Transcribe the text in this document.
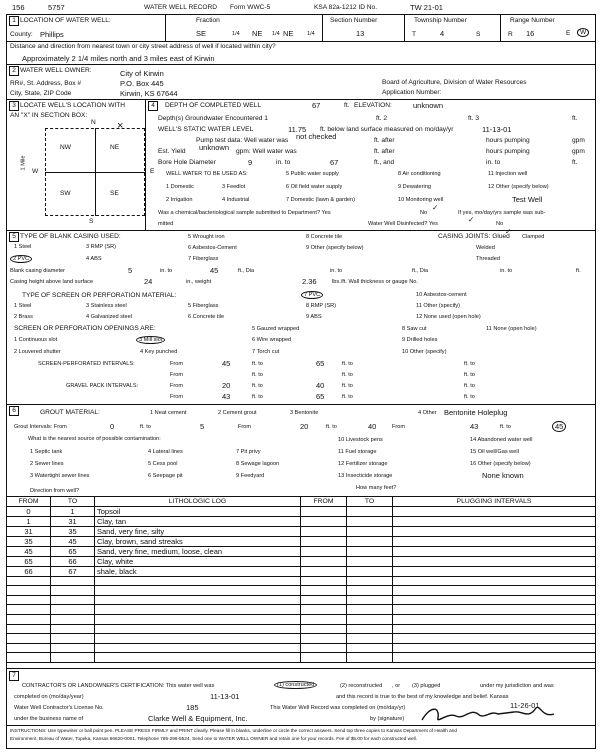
156	5757	WATER WELL RECORD Form WWC-5	KSA 82a-1212 ID No.	TW 21-01
1 LOCATION OF WATER WELL:	Fraction	Section Number	Township Number	Range Number
County: Phillips	SE	1/4 NE 1/4 NE 1/4	13	T	4	S	R 16	E	W
Distance and direction from nearest town or city street address of well if located within city?
Approximately 2 1/4 miles north and 3 miles east of Kirwin
2 WATER WELL OWNER:	City of Kirwin
RR#, St. Address, Box #	P.O. Box 445
City, State, ZIP Code	Kirwin, KS 67644
Board of Agriculture, Division of Water Resources
Application Number:
3 LOCATE WELL'S LOCATION WITH
AN "X" IN SECTION BOX:
N
S
W	E
1 Mile
NW	NE
SW	SE
×
4	DEPTH OF COMPLETED WELL	67	ft. ELEVATION:	unknown
Depth(s) Groundwater Encountered 1	ft. 2	ft. 3	ft.
WELL'S STATIC WATER LEVEL	11.75 ft. below land surface measured on mo/day/yr	11-13-01
Pump test data: Well water was not checked	ft. after	hours pumping	gpm
Est. Yield unknown gpm: Well water was	ft. after	hours pumping	gpm
Bore Hole Diameter	9	in. to	67	ft., and	in. to	ft.
WELL WATER TO BE USED AS:
1 Domestic
2 Irrigation
3 Feedlot
4 Industrial
5 Public water supply
6 Oil field water supply
7 Domestic (lawn & garden)
8 Air conditioning
9 Dewatering
10 Monitoring well
11 Injection well
12 Other (specify below)
Test Well
Was a chemical/bacteriological sample submitted to Department? Yes	No
✓
If yes, mo/day/yrs sample was sub-
mitted	Water Well Disinfected? Yes	✓	No
5 TYPE OF BLANK CASING USED:
1 Steel
2 PVC
3 RMP (SR)
4 ABS
5 Wrought iron
6 Asbestos-Cement
7 Fiberglass
8 Concrete tile
9 Other (specify below)
CASING JOINTS: Glued
✓
Clamped
Welded
Threaded
Blank casing diameter	5	in. to	45	ft., Dia	in. to	ft., Dia	in. to	ft.
Casing height above land surface	24	in., weight	2.36	lbs./ft. Wall thickness or gauge No.
TYPE OF SCREEN OR PERFORATION MATERIAL:
1 Steel
2 Brass
3 Stainless steel
4 Galvanized steel
5 Fiberglass
6 Concrete tile
7 PVC
8 RMP (SR)
9 ABS
10 Asbestos-cement
11 Other (specify)
12 None used (open hole)
SCREEN OR PERFORATION OPENINGS ARE:
1 Continuous slot
2 Louvered shutter
3 Mill slot
4 Key punched
5 Gauzed wrapped
6 Wire wrapped
7 Torch cut
8 Saw cut
9 Drilled holes
10 Other (specify)
11 None (open hole)
SCREEN-PERFORATED INTERVALS:	From	45	ft. to	65	ft. to	ft. to
From	ft. to	ft. to	ft. to
GRAVEL PACK INTERVALS:	From	20	ft. to	40	ft. to	ft. to
From	43	ft. to	65	ft. to	ft. to
6	GROUT MATERIAL:	1 Neat cement	2 Cement grout	3 Bentonite	4 Other Bentonite Holeplug
Grout Intervals: From	0	ft. to	5	From	20	ft. to	40	From	43	ft. to	45
What is the nearest source of possible contamination:
1 Septic tank
2 Sewer lines
3 Watertight sewer lines
4 Lateral lines
5 Cess pool
6 Seepage pit
7 Pit privy
8 Sewage lagoon
9 Feedyard
10 Livestock pens
11 Fuel storage
12 Fertilizer storage
13 Insecticide storage
14 Abandoned water well
15 Oil well/Gas well
16 Other (specify below)
None known
Direction from well?	How many feet?
FROM	TO	LITHOLOGIC LOG	FROM	TO	PLUGGING INTERVALS
0	1	Topsoil			
1	31	Clay, tan			
31	35	Sand, very fine, silty			
35	45	Clay, brown, sand streaks			
45	65	Sand, very fine, medium, loose, clean			
65	66	Clay, white			
66	67	shale, black			

7
CONTRACTOR'S OR LANDOWNER'S CERTIFICATION: This water well was	(1) constructed	(2) reconstructed , or (3) plugged	under my jurisdiction and was
completed on (mo/day/year)	11-13-01	and this record is true to the best of my knowledge and belief. Kansas
Water Well Contractor's License No.	185	This Water Well Record was completed on (mo/day/yr)	11-26-01
under the business name of	Clarke Well & Equipment, Inc.	by (signature)
INSTRUCTIONS: Use typewriter or ball point pen. PLEASE PRESS FIRMLY and PRINT clearly. Please fill in blanks, underline or circle the correct answers. Send top three copies to Kansas Department of Health and
Environment, Bureau of Water, Topeka, Kansas 66620-0001. Telephone 785-296-5524. Send one to WATER WELL OWNER and retain one for your records. Fee of $5.00 for each constructed well.
